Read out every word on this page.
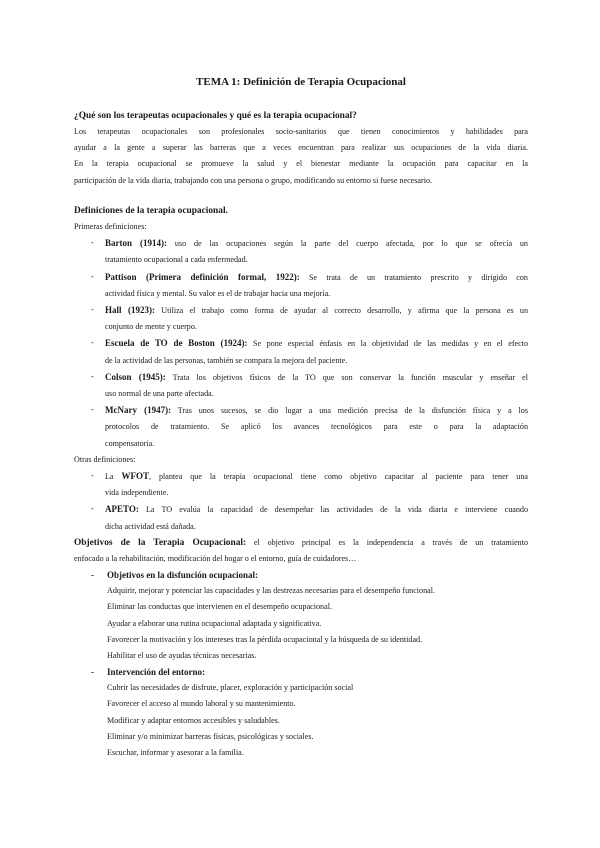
TEMA 1: Definición de Terapia Ocupacional
¿Qué son los terapeutas ocupacionales y qué es la terapia ocupacional?
Los terapeutas ocupacionales son profesionales socio-sanitarios que tienen conocimientos y habilidades para
ayudar a la gente a superar las barreras que a veces encuentran para realizar sus ocupaciones de la vida diaria.
En la terapia ocupacional se promueve la salud y el bienestar mediante la ocupación para capacitar en la
participación de la vida diaria, trabajando con una persona o grupo, modificando su entorno si fuese necesario.
Definiciones de la terapia ocupacional.
Primeras definiciones:
- Barton (1914): uso de las ocupaciones según la parte del cuerpo afectada, por lo que se ofrecía un
tratamiento ocupacional a cada enfermedad.
- Pattison (Primera definición formal, 1922): Se trata de un tratamiento prescrito y dirigido con
actividad física y mental. Su valor es el de trabajar hacia una mejoría.
- Hall (1923): Utiliza el trabajo como forma de ayudar al correcto desarrollo, y afirma que la persona es un
conjunto de mente y cuerpo.
- Escuela de TO de Boston (1924): Se pone especial énfasis en la objetividad de las medidas y en el efecto
de la actividad de las personas, también se compara la mejora del paciente.
- Colson (1945): Trata los objetivos físicos de la TO que son conservar la función muscular y enseñar el
uso normal de una parte afectada.
- McNary (1947): Tras unos sucesos, se dio lugar a una medición precisa de la disfunción física y a los
protocolos de tratamiento. Se aplicó los avances tecnológicos para este o para la adaptación
compensatoria.
Otras definiciones:
- La WFOT, plantea que la terapia ocupacional tiene como objetivo capacitar al paciente para tener una
vida independiente.
- APETO: La TO evalúa la capacidad de desempeñar las actividades de la vida diaria e interviene cuando
dicha actividad está dañada.
Objetivos de la Terapia Ocupacional: el objetivo principal es la independencia a través de un tratamiento
enfocado a la rehabilitación, modificación del hogar o el entorno, guía de cuidadores…
- Objetivos en la disfunción ocupacional:
Adquirir, mejorar y potenciar las capacidades y las destrezas necesarias para el desempeño funcional.
Eliminar las conductas que intervienen en el desempeño ocupacional.
Ayudar a elaborar una rutina ocupacional adaptada y significativa.
Favorecer la motivación y los intereses tras la pérdida ocupacional y la búsqueda de su identidad.
Habilitar el uso de ayudas técnicas necesarias.
- Intervención del entorno:
Cubrir las necesidades de disfrute, placer, exploración y participación social
Favorecer el acceso al mundo laboral y su mantenimiento.
Modificar y adaptar entornos accesibles y saludables.
Eliminar y/o minimizar barreras físicas, psicológicas y sociales.
Escuchar, informar y asesorar a la familia.
